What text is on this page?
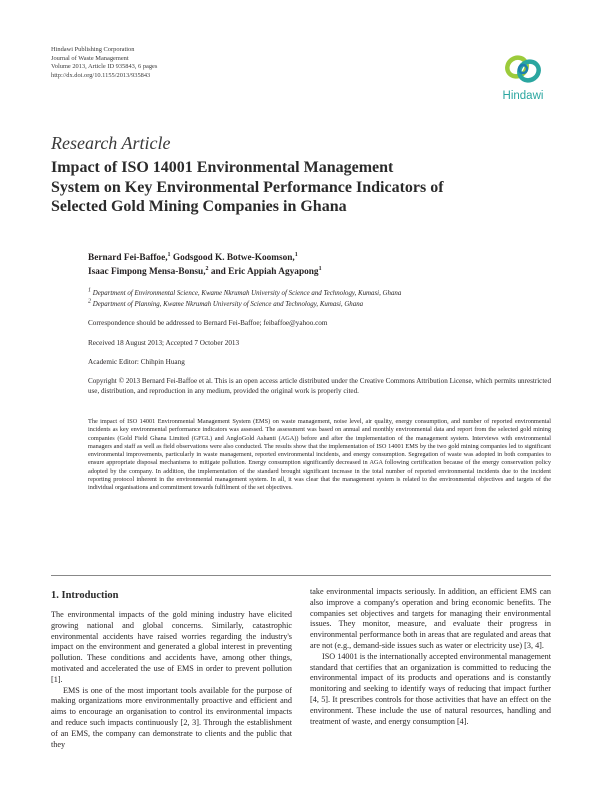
Hindawi Publishing Corporation
Journal of Waste Management
Volume 2013, Article ID 935843, 6 pages
http://dx.doi.org/10.1155/2013/935843
Hindawi
Research Article
Impact of ISO 14001 Environmental Management
System on Key Environmental Performance Indicators of
Selected Gold Mining Companies in Ghana
Bernard Fei-Baffoe,$^1$ Godsgood K. Botwe-Koomson,$^1$
Isaac Fimpong Mensa-Bonsu,$^2$ and Eric Appiah Agyapong$^1$
$^1$ Department of Environmental Science, Kwame Nkrumah University of Science and Technology, Kumasi, Ghana
$^2$ Department of Planning, Kwame Nkrumah University of Science and Technology, Kumasi, Ghana
Correspondence should be addressed to Bernard Fei-Baffoe; feibaffoe@yahoo.com
Received 18 August 2013; Accepted 7 October 2013
Academic Editor: Chihpin Huang
Copyright © 2013 Bernard Fei-Baffoe et al. This is an open access article distributed under the Creative Commons Attribution License, which permits unrestricted use, distribution, and reproduction in any medium, provided the original work is properly cited.
The impact of ISO 14001 Environmental Management System (EMS) on waste management, noise level, air quality, energy consumption, and number of reported environmental incidents as key environmental performance indicators was assessed. The assessment was based on annual and monthly environmental data and report from the selected gold mining companies (Gold Field Ghana Limited (GFGL) and AngloGold Ashanti (AGA)) before and after the implementation of the management system. Interviews with environmental managers and staff as well as field observations were also conducted. The results show that the implementation of ISO 14001 EMS by the two gold mining companies led to significant environmental improvements, particularly in waste management, reported environmental incidents, and energy consumption. Segregation of waste was adopted in both companies to ensure appropriate disposal mechanisms to mitigate pollution. Energy consumption significantly decreased in AGA following certification because of the energy conservation policy adopted by the company. In addition, the implementation of the standard brought significant increase in the total number of reported environmental incidents due to the incident reporting protocol inherent in the environmental management system. In all, it was clear that the management system is related to the environmental objectives and targets of the individual organisations and commitment towards fulfilment of the set objectives.
1. Introduction

The environmental impacts of the gold mining industry have elicited growing national and global concerns. Similarly, catastrophic environmental accidents have raised worries regarding the industry's impact on the environment and generated a global interest in preventing pollution. These conditions and accidents have, among other things, motivated and accelerated the use of EMS in order to prevent pollution [1].

EMS is one of the most important tools available for the purpose of making organizations more environmentally proactive and efficient and aims to encourage an organisation to control its environmental impacts and reduce such impacts continuously [2, 3]. Through the establishment of an EMS, the company can demonstrate to clients and the public that they

take environmental impacts seriously. In addition, an efficient EMS can also improve a company's operation and bring economic benefits. The companies set objectives and targets for managing their environmental issues. They monitor, measure, and evaluate their progress in environmental performance both in areas that are regulated and areas that are not (e.g., demand-side issues such as water or electricity use) [3, 4].

ISO 14001 is the internationally accepted environmental management standard that certifies that an organization is committed to reducing the environmental impact of its products and operations and is constantly monitoring and seeking to identify ways of reducing that impact further [4, 5]. It prescribes controls for those activities that have an effect on the environment. These include the use of natural resources, handling and treatment of waste, and energy consumption [4].
